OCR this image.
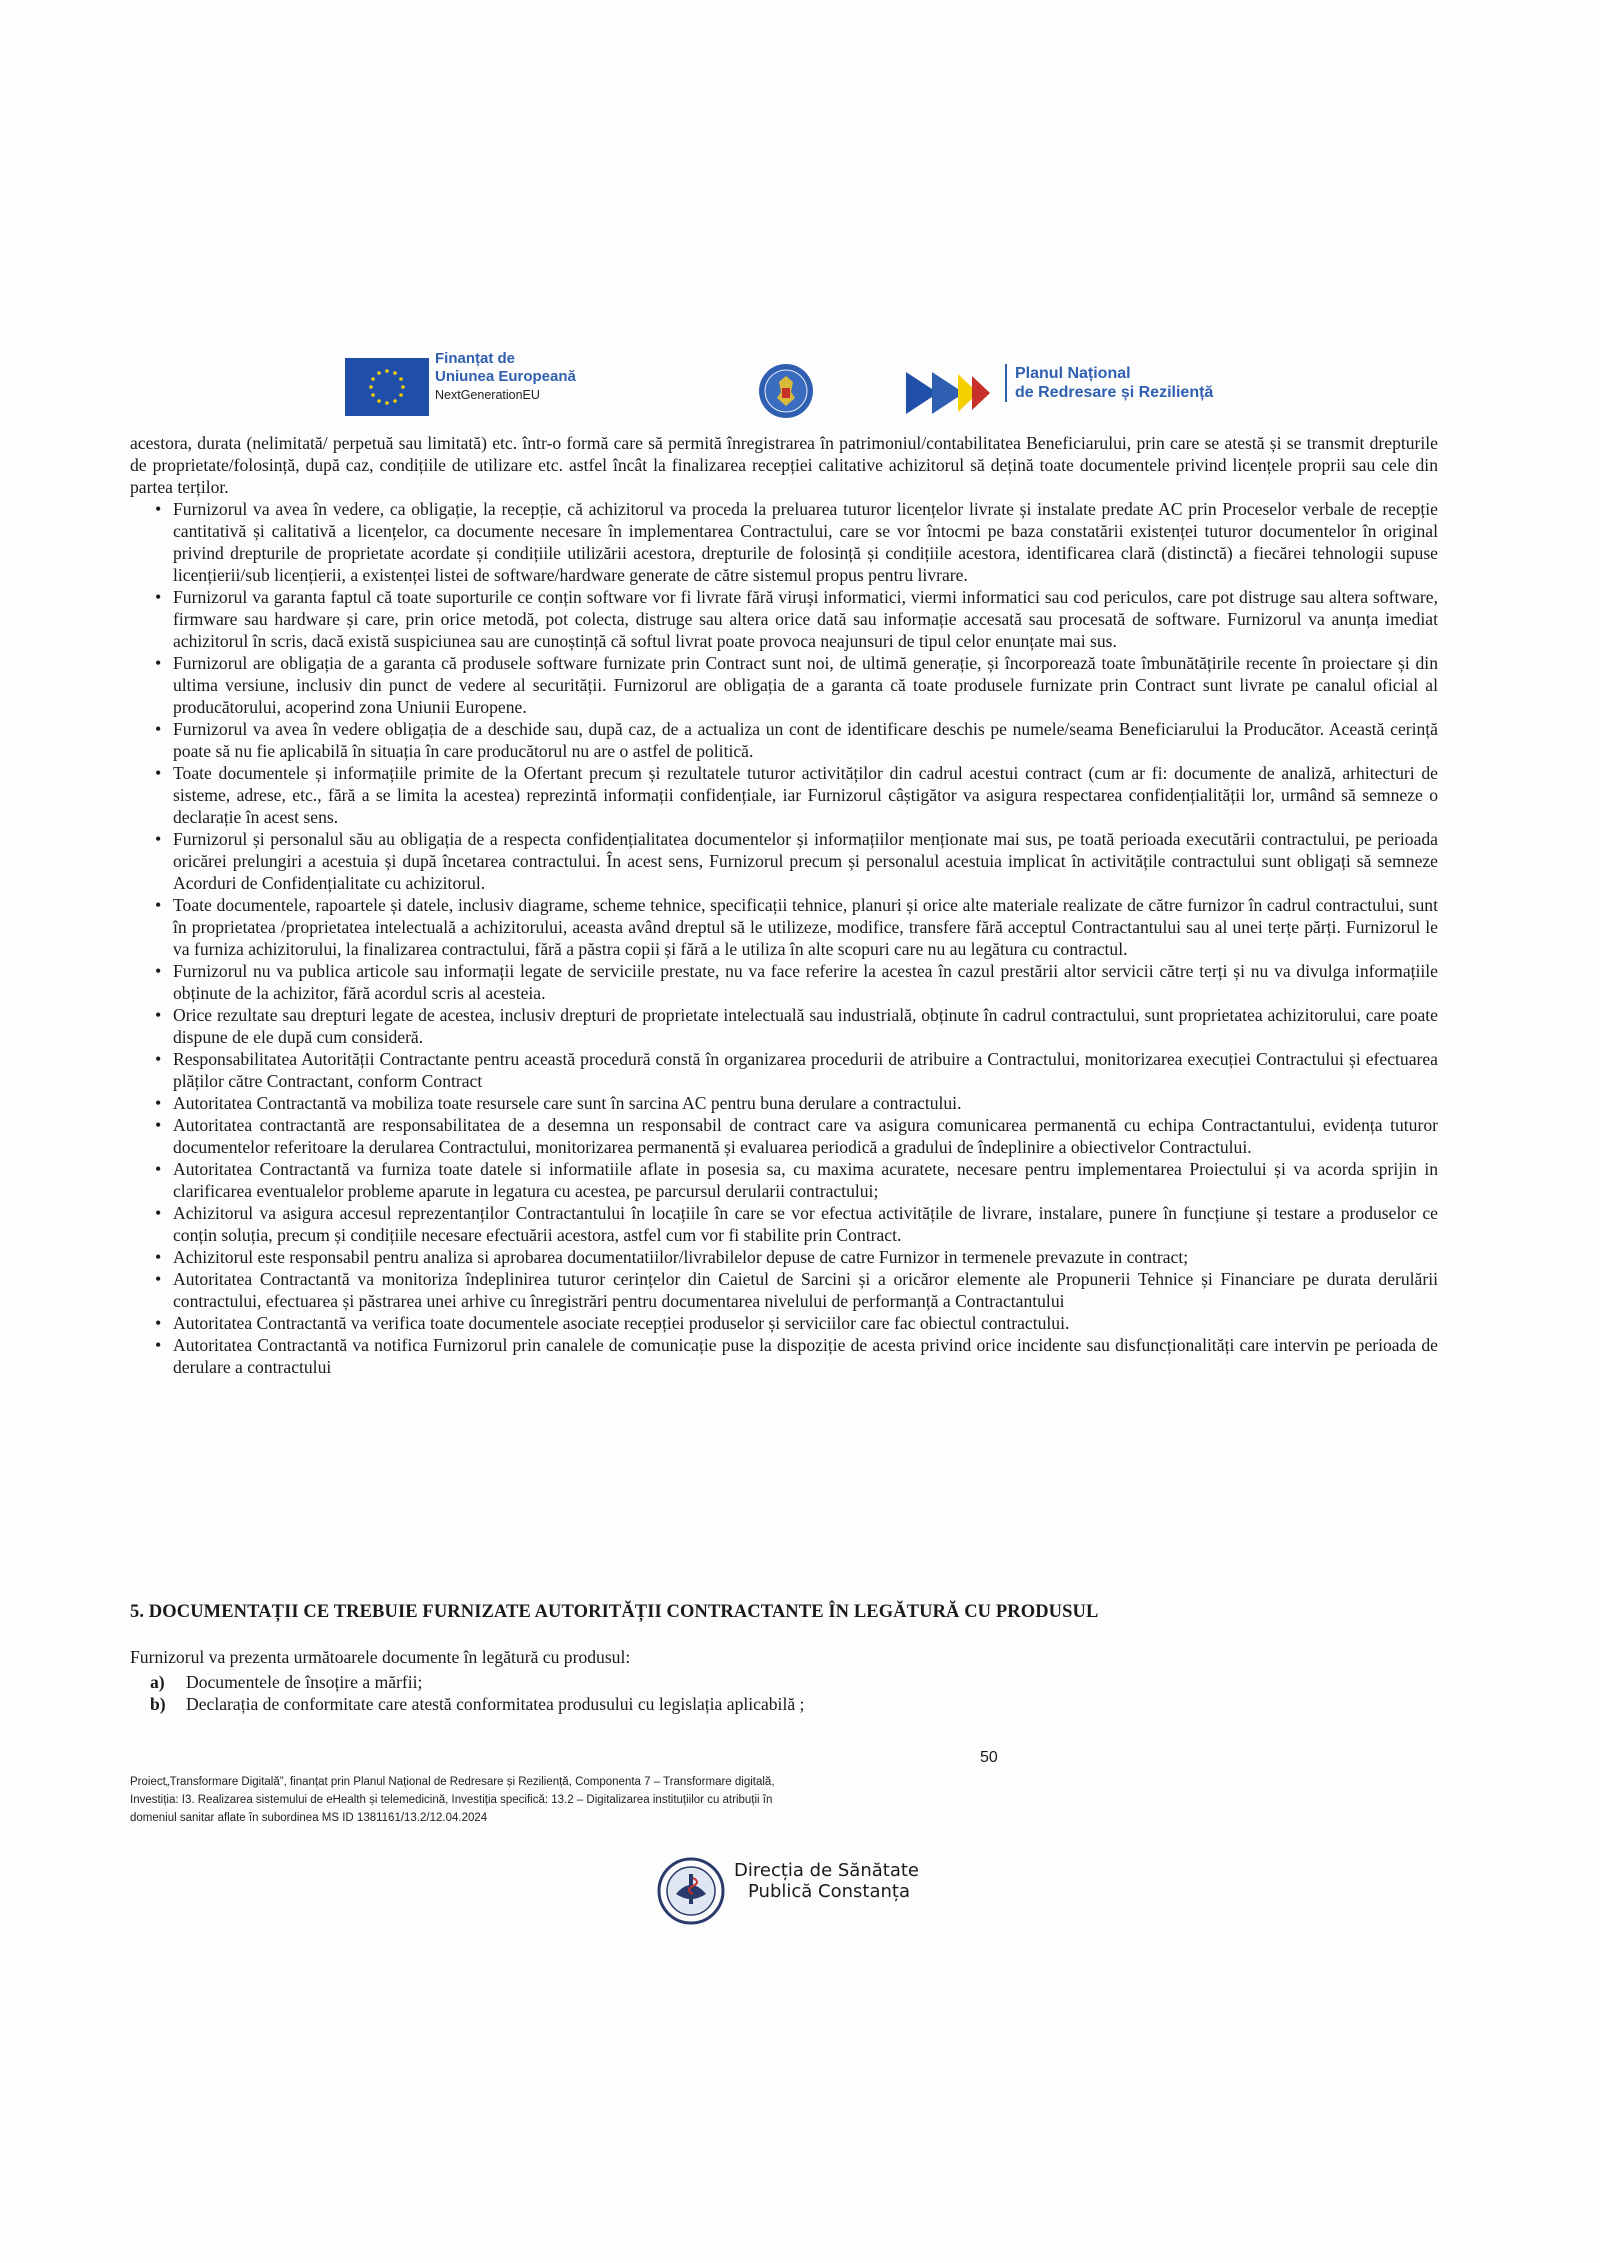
Finanțat de
Uniunea Europeană
NextGenerationEU
Planul Național
de Redresare și Reziliență

acestora, durata (nelimitată/ perpetuă sau limitată) etc. într-o formă care să permită înregistrarea în patrimoniul/contabilitatea Beneficiarului, prin care se atestă și se transmit drepturile de proprietate/folosință, după caz, condițiile de utilizare etc. astfel încât la finalizarea recepției calitative achizitorul să dețină toate documentele privind licențele proprii sau cele din partea terților.

• Furnizorul va avea în vedere, ca obligație, la recepție, că achizitorul va proceda la preluarea tuturor licențelor livrate și instalate predate AC prin Proceselor verbale de recepție cantitativă și calitativă a licențelor, ca documente necesare în implementarea Contractului, care se vor întocmi pe baza constatării existenței tuturor documentelor în original privind drepturile de proprietate acordate și condițiile utilizării acestora, drepturile de folosință și condițiile acestora, identificarea clară (distinctă) a fiecărei tehnologii supuse licențierii/sub licențierii, a existenței listei de software/hardware generate de către sistemul propus pentru livrare.
• Furnizorul va garanta faptul că toate suporturile ce conțin software vor fi livrate fără viruși informatici, viermi informatici sau cod periculos, care pot distruge sau altera software, firmware sau hardware și care, prin orice metodă, pot colecta, distruge sau altera orice dată sau informație accesată sau procesată de software. Furnizorul va anunța imediat achizitorul în scris, dacă există suspiciunea sau are cunoștință că softul livrat poate provoca neajunsuri de tipul celor enunțate mai sus.
• Furnizorul are obligația de a garanta că produsele software furnizate prin Contract sunt noi, de ultimă generație, și încorporează toate îmbunătățirile recente în proiectare și din ultima versiune, inclusiv din punct de vedere al securității. Furnizorul are obligația de a garanta că toate produsele furnizate prin Contract sunt livrate pe canalul oficial al producătorului, acoperind zona Uniunii Europene.
• Furnizorul va avea în vedere obligația de a deschide sau, după caz, de a actualiza un cont de identificare deschis pe numele/seama Beneficiarului la Producător. Această cerință poate să nu fie aplicabilă în situația în care producătorul nu are o astfel de politică.
• Toate documentele și informațiile primite de la Ofertant precum și rezultatele tuturor activităților din cadrul acestui contract (cum ar fi: documente de analiză, arhitecturi de sisteme, adrese, etc., fără a se limita la acestea) reprezintă informații confidențiale, iar Furnizorul câștigător va asigura respectarea confidențialității lor, urmând să semneze o declarație în acest sens.
• Furnizorul și personalul său au obligația de a respecta confidențialitatea documentelor și informațiilor menționate mai sus, pe toată perioada executării contractului, pe perioada oricărei prelungiri a acestuia și după încetarea contractului. În acest sens, Furnizorul precum și personalul acestuia implicat în activitățile contractului sunt obligați să semneze Acorduri de Confidențialitate cu achizitorul.
• Toate documentele, rapoartele și datele, inclusiv diagrame, scheme tehnice, specificații tehnice, planuri și orice alte materiale realizate de către furnizor în cadrul contractului, sunt în proprietatea /proprietatea intelectuală a achizitorului, aceasta având dreptul să le utilizeze, modifice, transfere fără acceptul Contractantului sau al unei terțe părți. Furnizorul le va furniza achizitorului, la finalizarea contractului, fără a păstra copii și fără a le utiliza în alte scopuri care nu au legătura cu contractul.
• Furnizorul nu va publica articole sau informații legate de serviciile prestate, nu va face referire la acestea în cazul prestării altor servicii către terți și nu va divulga informațiile obținute de la achizitor, fără acordul scris al acesteia.
• Orice rezultate sau drepturi legate de acestea, inclusiv drepturi de proprietate intelectuală sau industrială, obținute în cadrul contractului, sunt proprietatea achizitorului, care poate dispune de ele după cum consideră.
• Responsabilitatea Autorității Contractante pentru această procedură constă în organizarea procedurii de atribuire a Contractului, monitorizarea execuției Contractului și efectuarea plăților către Contractant, conform Contract
• Autoritatea Contractantă va mobiliza toate resursele care sunt în sarcina AC pentru buna derulare a contractului.
• Autoritatea contractantă are responsabilitatea de a desemna un responsabil de contract care va asigura comunicarea permanentă cu echipa Contractantului, evidența tuturor documentelor referitoare la derularea Contractului, monitorizarea permanentă și evaluarea periodică a gradului de îndeplinire a obiectivelor Contractului.
• Autoritatea Contractantă va furniza toate datele si informatiile aflate in posesia sa, cu maxima acuratete, necesare pentru implementarea Proiectului și va acorda sprijin in clarificarea eventualelor probleme aparute in legatura cu acestea, pe parcursul derularii contractului;
• Achizitorul va asigura accesul reprezentanților Contractantului în locațiile în care se vor efectua activitățile de livrare, instalare, punere în funcțiune și testare a produselor ce conțin soluția, precum și condițiile necesare efectuării acestora, astfel cum vor fi stabilite prin Contract.
• Achizitorul este responsabil pentru analiza si aprobarea documentatiilor/livrabilelor depuse de catre Furnizor in termenele prevazute in contract;
• Autoritatea Contractantă va monitoriza îndeplinirea tuturor cerințelor din Caietul de Sarcini și a oricăror elemente ale Propunerii Tehnice și Financiare pe durata derulării contractului, efectuarea și păstrarea unei arhive cu înregistrări pentru documentarea nivelului de performanță a Contractantului
• Autoritatea Contractantă va verifica toate documentele asociate recepției produselor și serviciilor care fac obiectul contractului.
• Autoritatea Contractantă va notifica Furnizorul prin canalele de comunicație puse la dispoziție de acesta privind orice incidente sau disfuncționalități care intervin pe perioada de derulare a contractului
5. DOCUMENTAȚII CE TREBUIE FURNIZATE AUTORITĂȚII CONTRACTANTE ÎN LEGĂTURĂ CU PRODUSUL
Furnizorul va prezenta următoarele documente în legătură cu produsul:
a) Documentele de însoțire a mărfii;
b) Declarația de conformitate care atestă conformitatea produsului cu legislația aplicabilă ;
50
Proiect„Transformare Digitală”, finanțat prin Planul Național de Redresare și Reziliență, Componenta 7 – Transformare digitală,
Investiția: I3. Realizarea sistemului de eHealth și telemedicină, Investiția specifică: 13.2 – Digitalizarea instituțiilor cu atribuții în
domeniul sanitar aflate în subordinea MS ID 1381161/13.2/12.04.2024
Direcția de Sănătate
Publică Constanța
